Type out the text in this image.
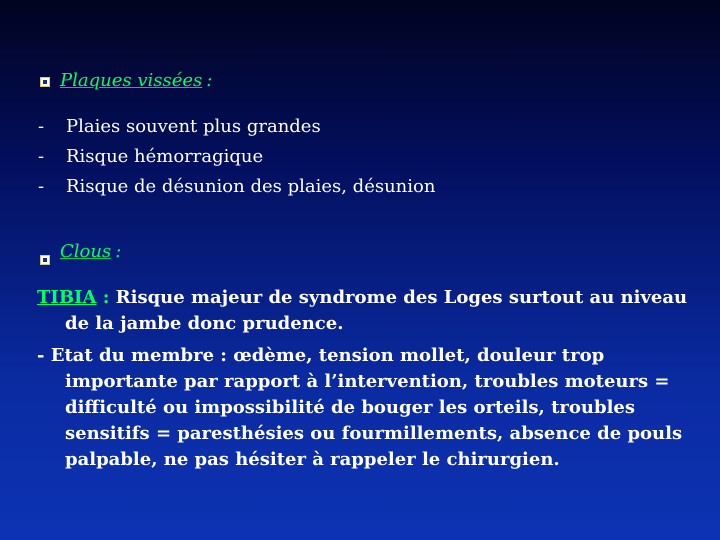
Plaques vissées :
- Plaies souvent plus grandes
- Risque hémorragique
- Risque de désunion des plaies, désunion
Clous :
TIBIA : Risque majeur de syndrome des Loges surtout au niveau de la jambe donc prudence.
- Etat du membre : œdème, tension mollet, douleur trop importante par rapport à l’intervention, troubles moteurs = difficulté ou impossibilité de bouger les orteils, troubles sensitifs = paresthésies ou fourmillements, absence de pouls palpable, ne pas hésiter à rappeler le chirurgien.
